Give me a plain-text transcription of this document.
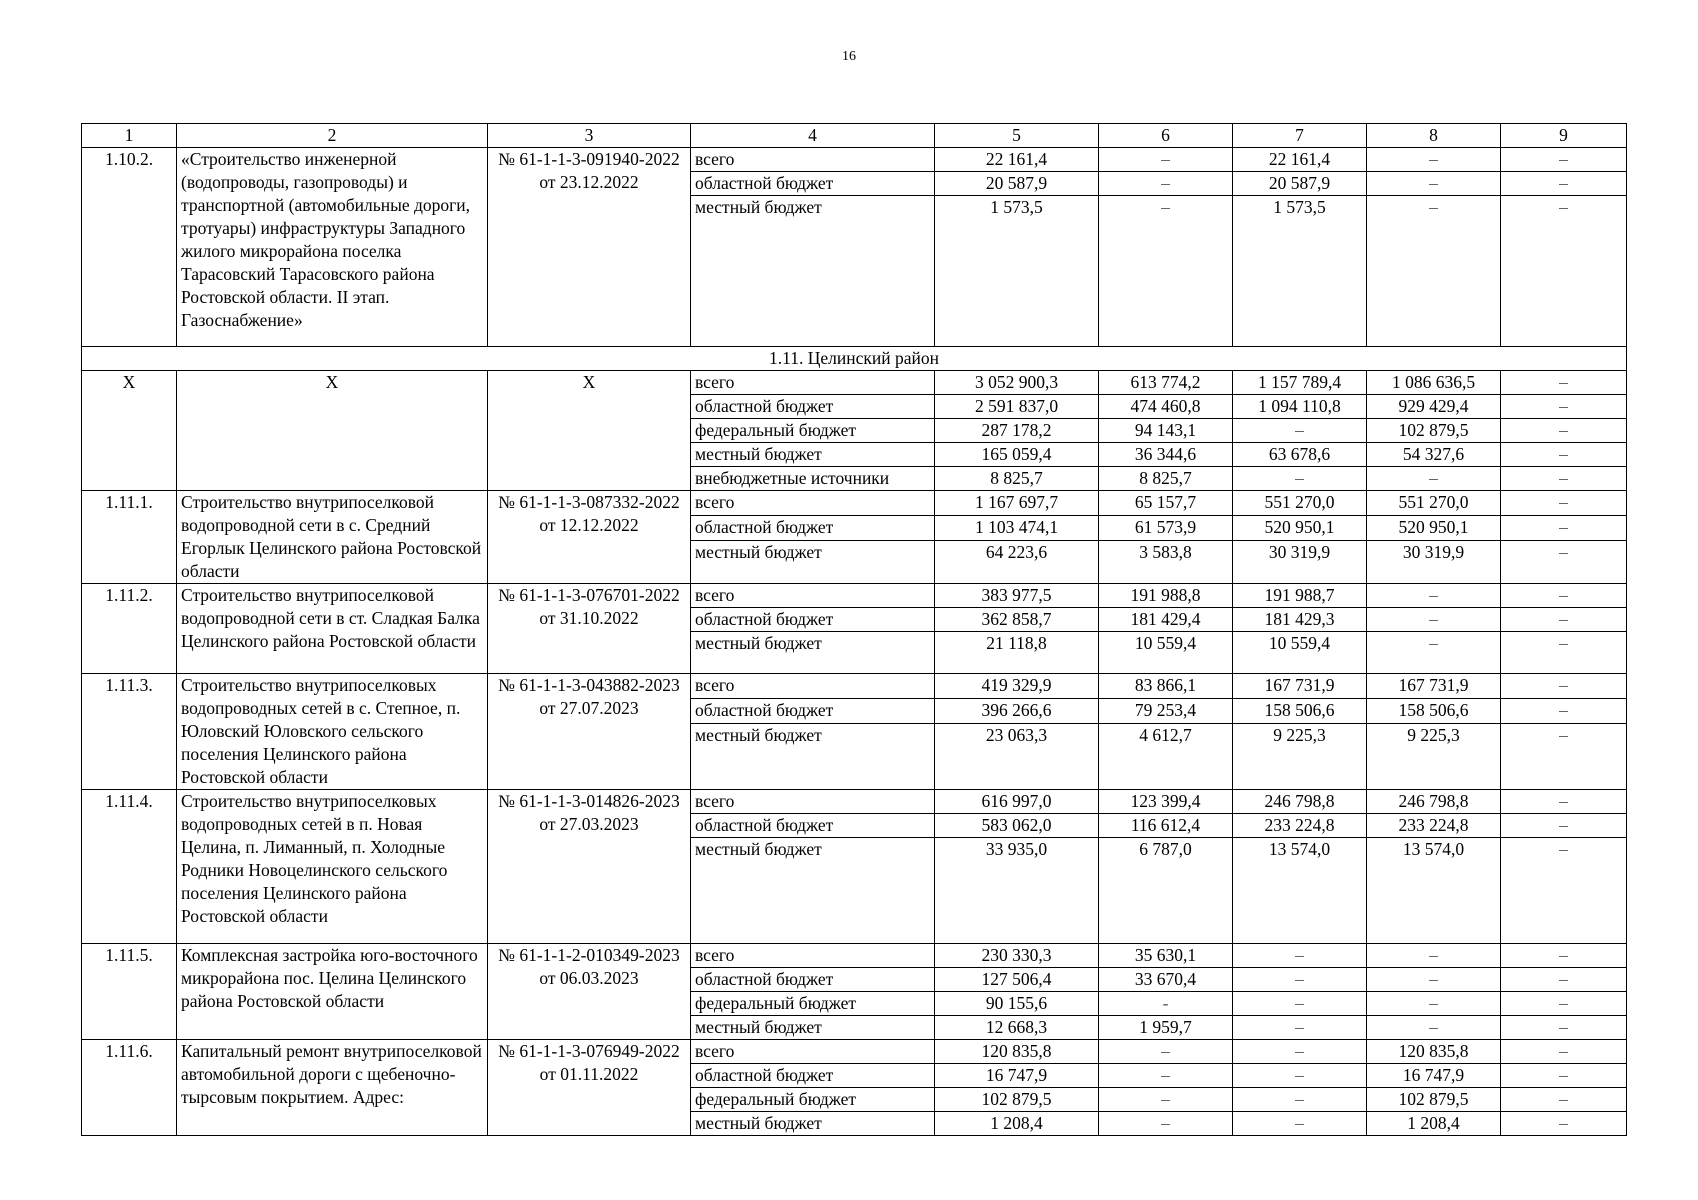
16
1	2	3	4	5	6	7	8	9
1.10.2.	«Строительство инженерной (водопроводы, газопроводы) и транспортной (автомобильные дороги, тротуары) инфраструктуры Западного жилого микрорайона поселка Тарасовский Тарасовского района Ростовской области. II этап. Газоснабжение»	№ 61-1-1-3-091940-2022 от 23.12.2022	всего	22 161,4	–	22 161,4	–	–
			областной бюджет	20 587,9	–	20 587,9	–	–
			местный бюджет	1 573,5	–	1 573,5	–	–
1.11. Целинский район								
Х	Х	Х	всего	3 052 900,3	613 774,2	1 157 789,4	1 086 636,5	–
			областной бюджет	2 591 837,0	474 460,8	1 094 110,8	929 429,4	–
			федеральный бюджет	287 178,2	94 143,1	–	102 879,5	–
			местный бюджет	165 059,4	36 344,6	63 678,6	54 327,6	–
			внебюджетные источники	8 825,7	8 825,7	–	–	–
1.11.1.	Строительство внутрипоселковой водопроводной сети в с. Средний Егорлык Целинского района Ростовской области	№ 61-1-1-3-087332-2022 от 12.12.2022	всего	1 167 697,7	65 157,7	551 270,0	551 270,0	–
			областной бюджет	1 103 474,1	61 573,9	520 950,1	520 950,1	–
			местный бюджет	64 223,6	3 583,8	30 319,9	30 319,9	–
1.11.2.	Строительство внутрипоселковой водопроводной сети в ст. Сладкая Балка Целинского района Ростовской области	№ 61-1-1-3-076701-2022 от 31.10.2022	всего	383 977,5	191 988,8	191 988,7	–	–
			областной бюджет	362 858,7	181 429,4	181 429,3	–	–
			местный бюджет	21 118,8	10 559,4	10 559,4	–	–
1.11.3.	Строительство внутрипоселковых водопроводных сетей в с. Степное, п. Юловский Юловского сельского поселения Целинского района Ростовской области	№ 61-1-1-3-043882-2023 от 27.07.2023	всего	419 329,9	83 866,1	167 731,9	167 731,9	–
			областной бюджет	396 266,6	79 253,4	158 506,6	158 506,6	–
			местный бюджет	23 063,3	4 612,7	9 225,3	9 225,3	–
1.11.4.	Строительство внутрипоселковых водопроводных сетей в п. Новая Целина, п. Лиманный, п. Холодные Родники Новоцелинского сельского поселения Целинского района Ростовской области	№ 61-1-1-3-014826-2023 от 27.03.2023	всего	616 997,0	123 399,4	246 798,8	246 798,8	–
			областной бюджет	583 062,0	116 612,4	233 224,8	233 224,8	–
			местный бюджет	33 935,0	6 787,0	13 574,0	13 574,0	–
1.11.5.	Комплексная застройка юго-восточного микрорайона пос. Целина Целинского района Ростовской области	№ 61-1-1-2-010349-2023 от 06.03.2023	всего	230 330,3	35 630,1	–	–	–
			областной бюджет	127 506,4	33 670,4	–	–	–
			федеральный бюджет	90 155,6	-	–	–	–
			местный бюджет	12 668,3	1 959,7	–	–	–
1.11.6.	Капитальный ремонт внутрипоселковой автомобильной дороги с щебеночно-тырсовым покрытием. Адрес:	№ 61-1-1-3-076949-2022 от 01.11.2022	всего	120 835,8	–	–	120 835,8	–
			областной бюджет	16 747,9	–	–	16 747,9	–
			федеральный бюджет	102 879,5	–	–	102 879,5	–
			местный бюджет	1 208,4	–	–	1 208,4	–
